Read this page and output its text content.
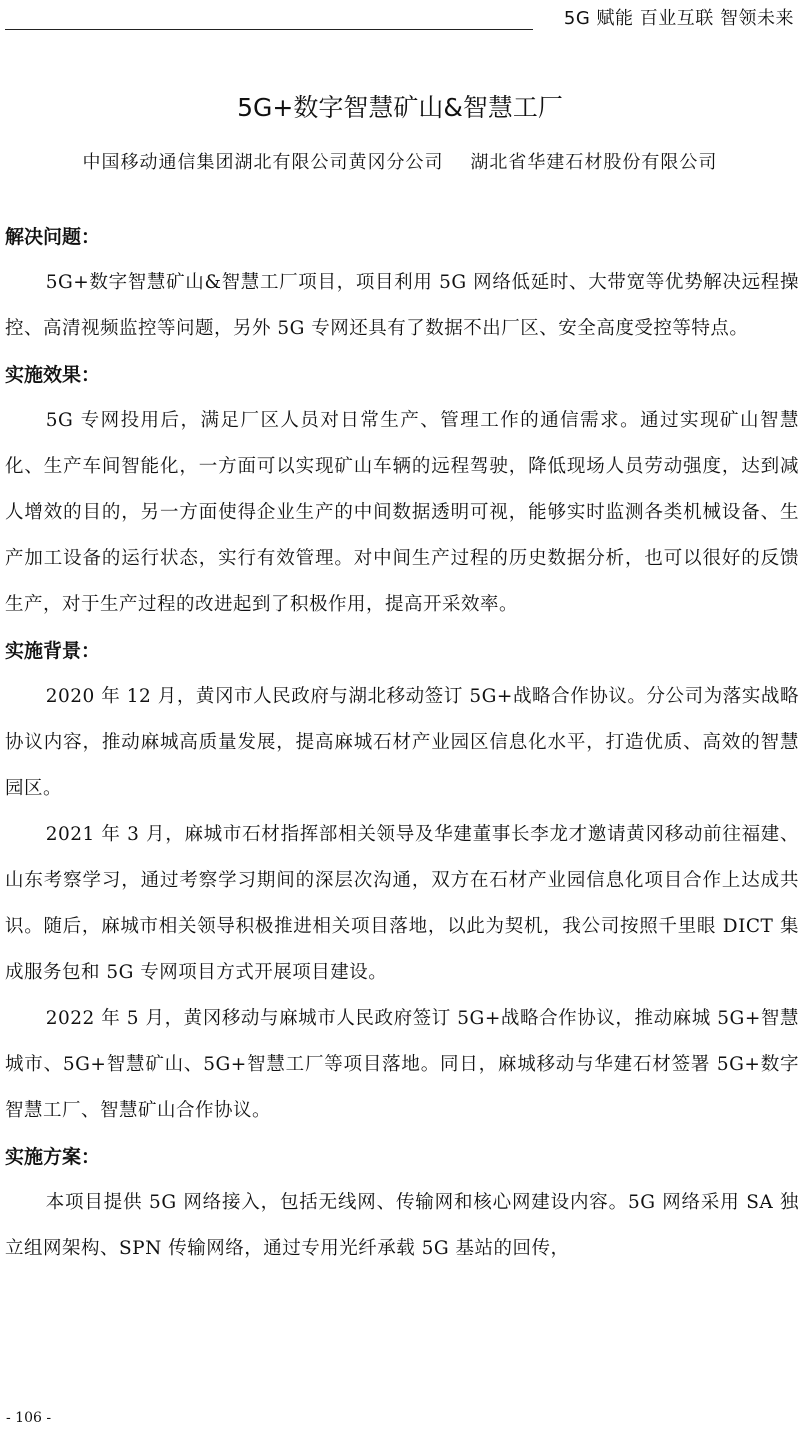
5G 赋能 百业互联 智领未来
5G+数字智慧矿山&智慧工厂
中国移动通信集团湖北有限公司黄冈分公司    湖北省华建石材股份有限公司
解决问题：

5G+数字智慧矿山&智慧工厂项目，项目利用 5G 网络低延时、大带宽等优势解决远程操控、高清视频监控等问题，另外 5G 专网还具有了数据不出厂区、安全高度受控等特点。

实施效果：

5G 专网投用后，满足厂区人员对日常生产、管理工作的通信需求。通过实现矿山智慧化、生产车间智能化，一方面可以实现矿山车辆的远程驾驶，降低现场人员劳动强度，达到减人增效的目的，另一方面使得企业生产的中间数据透明可视，能够实时监测各类机械设备、生产加工设备的运行状态，实行有效管理。对中间生产过程的历史数据分析，也可以很好的反馈生产，对于生产过程的改进起到了积极作用，提高开采效率。

实施背景：

2020 年 12 月，黄冈市人民政府与湖北移动签订 5G+战略合作协议。分公司为落实战略协议内容，推动麻城高质量发展，提高麻城石材产业园区信息化水平，打造优质、高效的智慧园区。

2021 年 3 月，麻城市石材指挥部相关领导及华建董事长李龙才邀请黄冈移动前往福建、山东考察学习，通过考察学习期间的深层次沟通，双方在石材产业园信息化项目合作上达成共识。随后，麻城市相关领导积极推进相关项目落地，以此为契机，我公司按照千里眼 DICT 集成服务包和 5G 专网项目方式开展项目建设。

2022 年 5 月，黄冈移动与麻城市人民政府签订 5G+战略合作协议，推动麻城 5G+智慧城市、5G+智慧矿山、5G+智慧工厂等项目落地。同日，麻城移动与华建石材签署 5G+数字智慧工厂、智慧矿山合作协议。

实施方案：

本项目提供 5G 网络接入，包括无线网、传输网和核心网建设内容。5G 网络采用 SA 独立组网架构、SPN 传输网络，通过专用光纤承载 5G 基站的回传，

- 106 -
